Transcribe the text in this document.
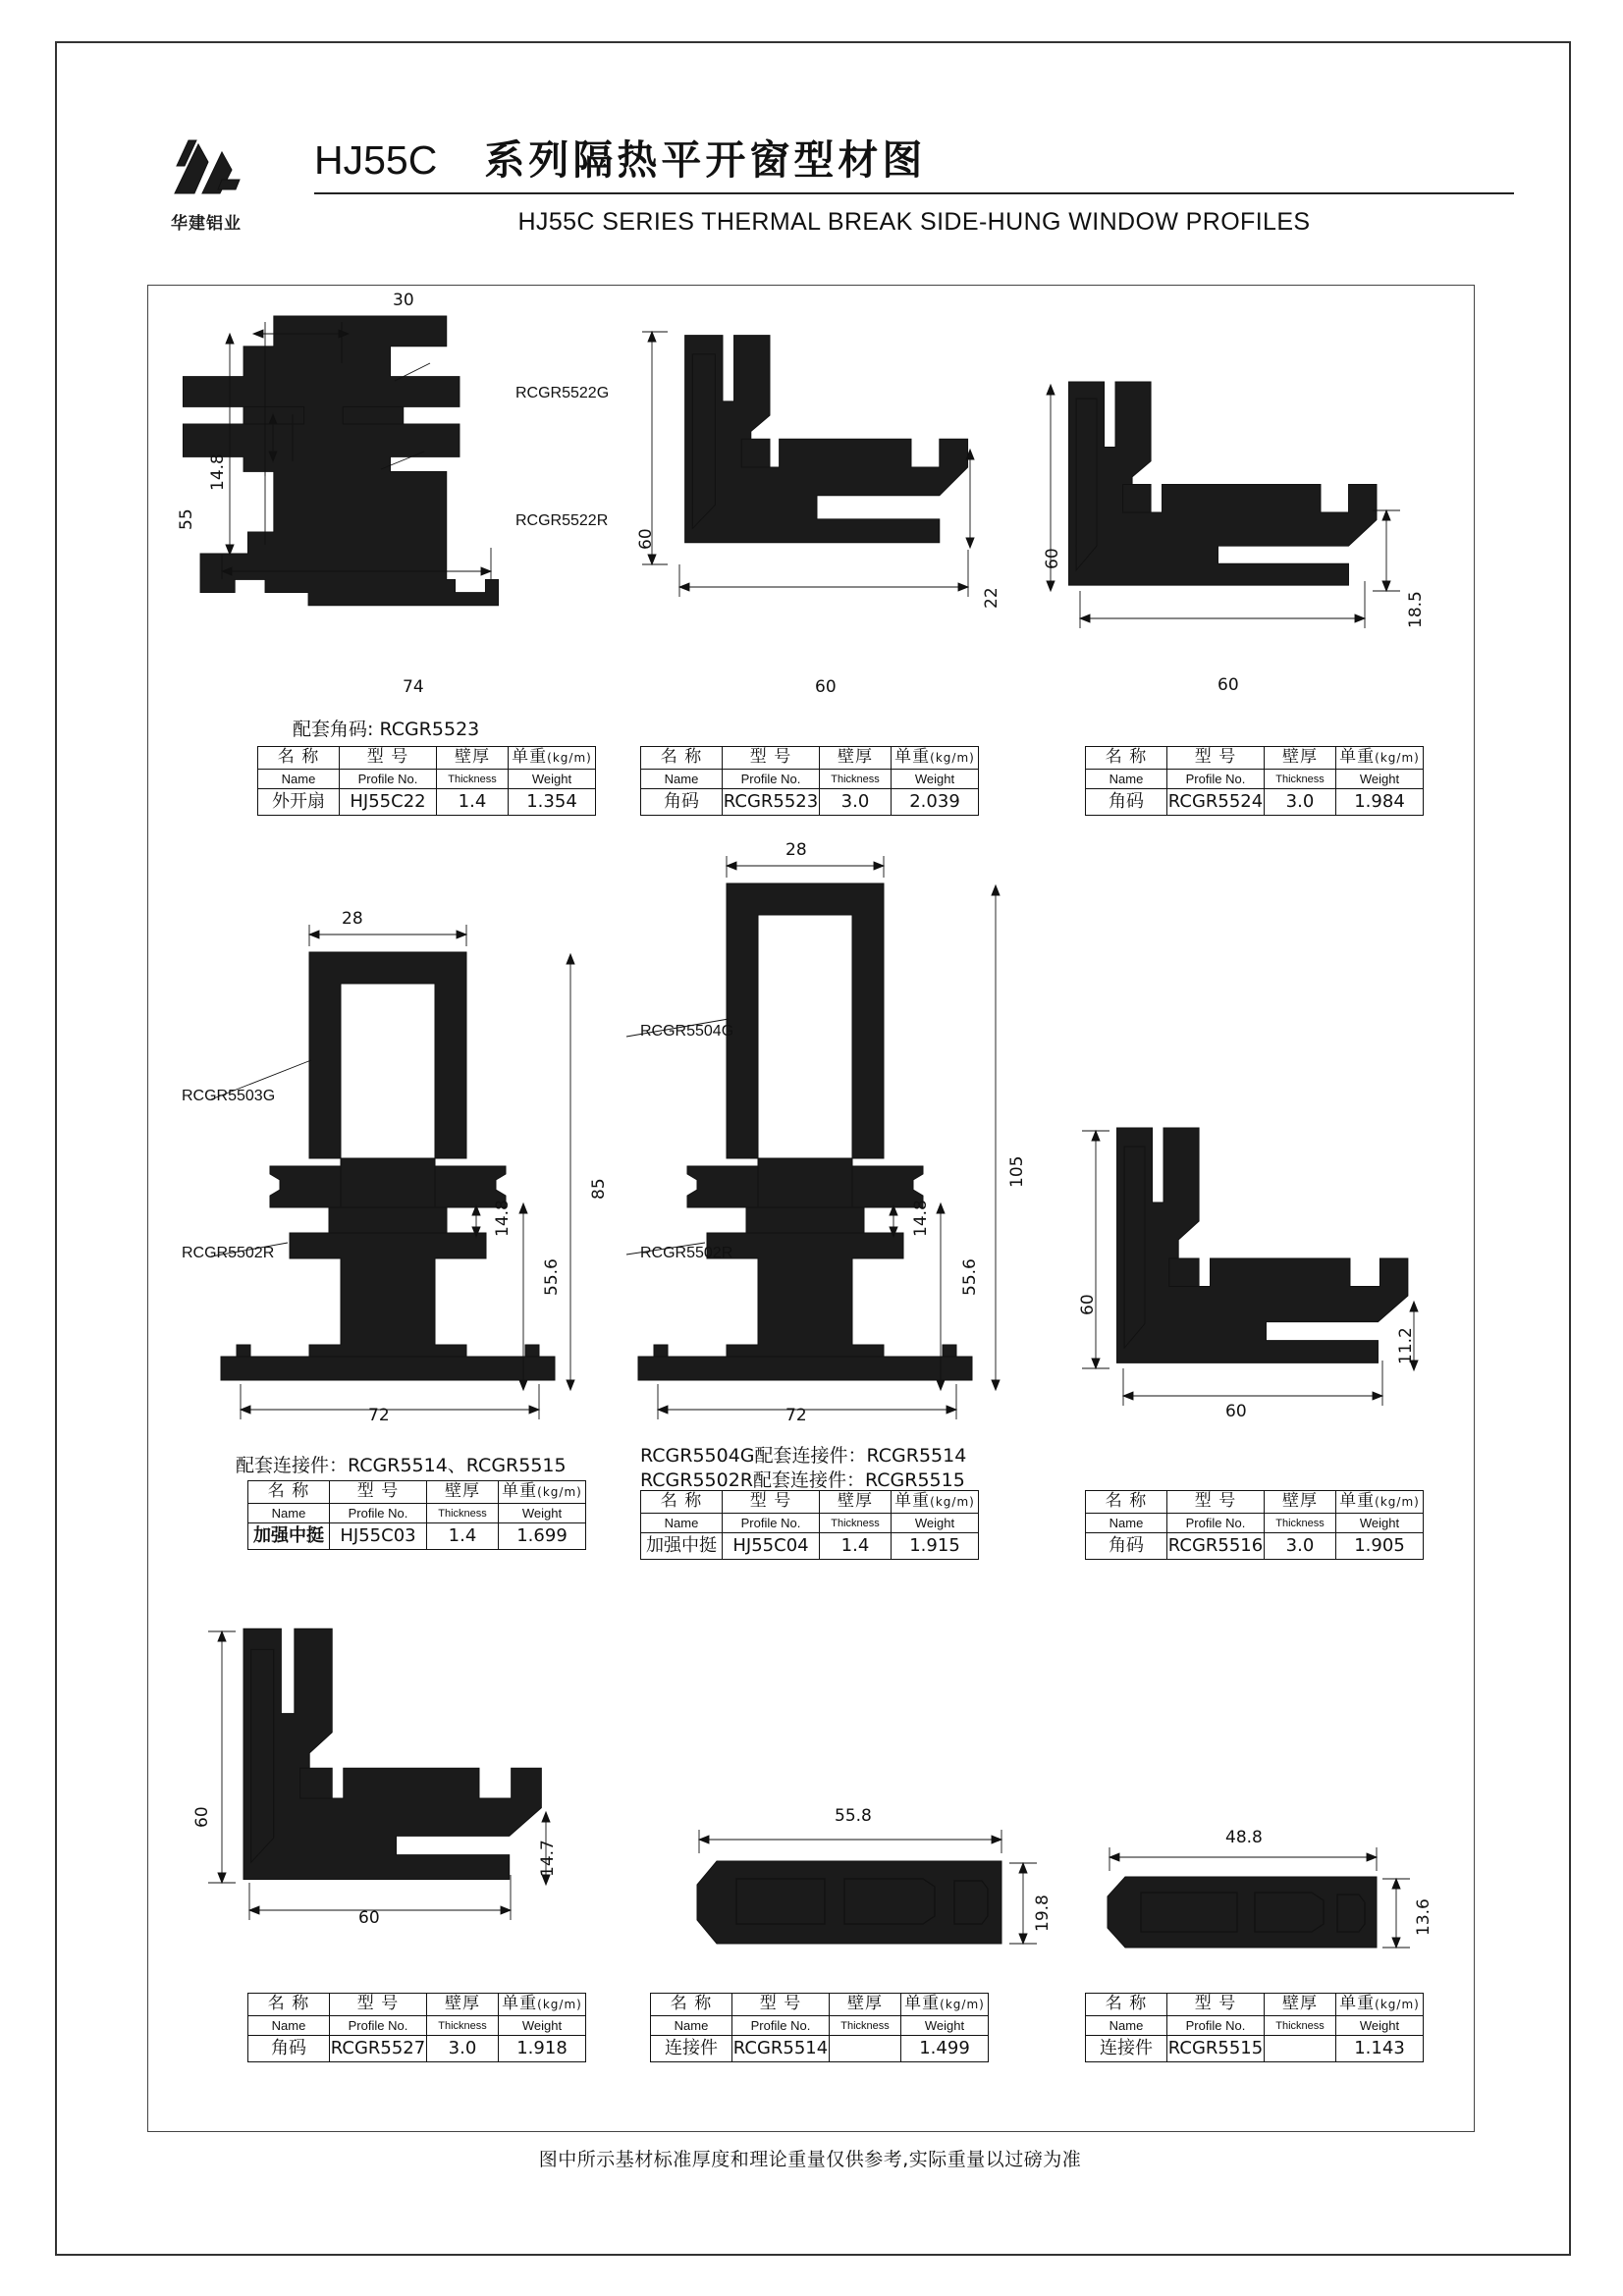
华建铝业
HJ55C 系列隔热平开窗型材图
HJ55C SERIES THERMAL BREAK SIDE-HUNG WINDOW PROFILES
图中所示基材标准厚度和理论重量仅供参考,实际重量以过磅为准
30
14.8
55
74
RCGR5522G
RCGR5522R
配套角码: RCGR5523
名 称	型 号	壁厚	单重(kg/m)
Name	Profile No.	Thickness	Weight
外开扇	HJ55C22	1.4	1.354
60
22
60
名 称	型 号	壁厚	单重(kg/m)
Name	Profile No.	Thickness	Weight
角码	RCGR5523	3.0	2.039
60
18.5
60
名 称	型 号	壁厚	单重(kg/m)
Name	Profile No.	Thickness	Weight
角码	RCGR5524	3.0	1.984
28
14.8
55.6
85
72
RCGR5503G
RCGR5502R
配套连接件：RCGR5514、RCGR5515
名 称	型 号	壁厚	单重(kg/m)
Name	Profile No.	Thickness	Weight
加强中挺	HJ55C03	1.4	1.699
28
14.8
55.6
105
72
RCGR5504G
RCGR5502R
RCGR5504G配套连接件：RCGR5514
RCGR5502R配套连接件：RCGR5515
名 称	型 号	壁厚	单重(kg/m)
Name	Profile No.	Thickness	Weight
加强中挺	HJ55C04	1.4	1.915
60
11.2
60
名 称	型 号	壁厚	单重(kg/m)
Name	Profile No.	Thickness	Weight
角码	RCGR5516	3.0	1.905
60
14.7
60
名 称	型 号	壁厚	单重(kg/m)
Name	Profile No.	Thickness	Weight
角码	RCGR5527	3.0	1.918
55.8
19.8
名 称	型 号	壁厚	单重(kg/m)
Name	Profile No.	Thickness	Weight
连接件	RCGR5514		1.499
48.8
13.6
名 称	型 号	壁厚	单重(kg/m)
Name	Profile No.	Thickness	Weight
连接件	RCGR5515		1.143
